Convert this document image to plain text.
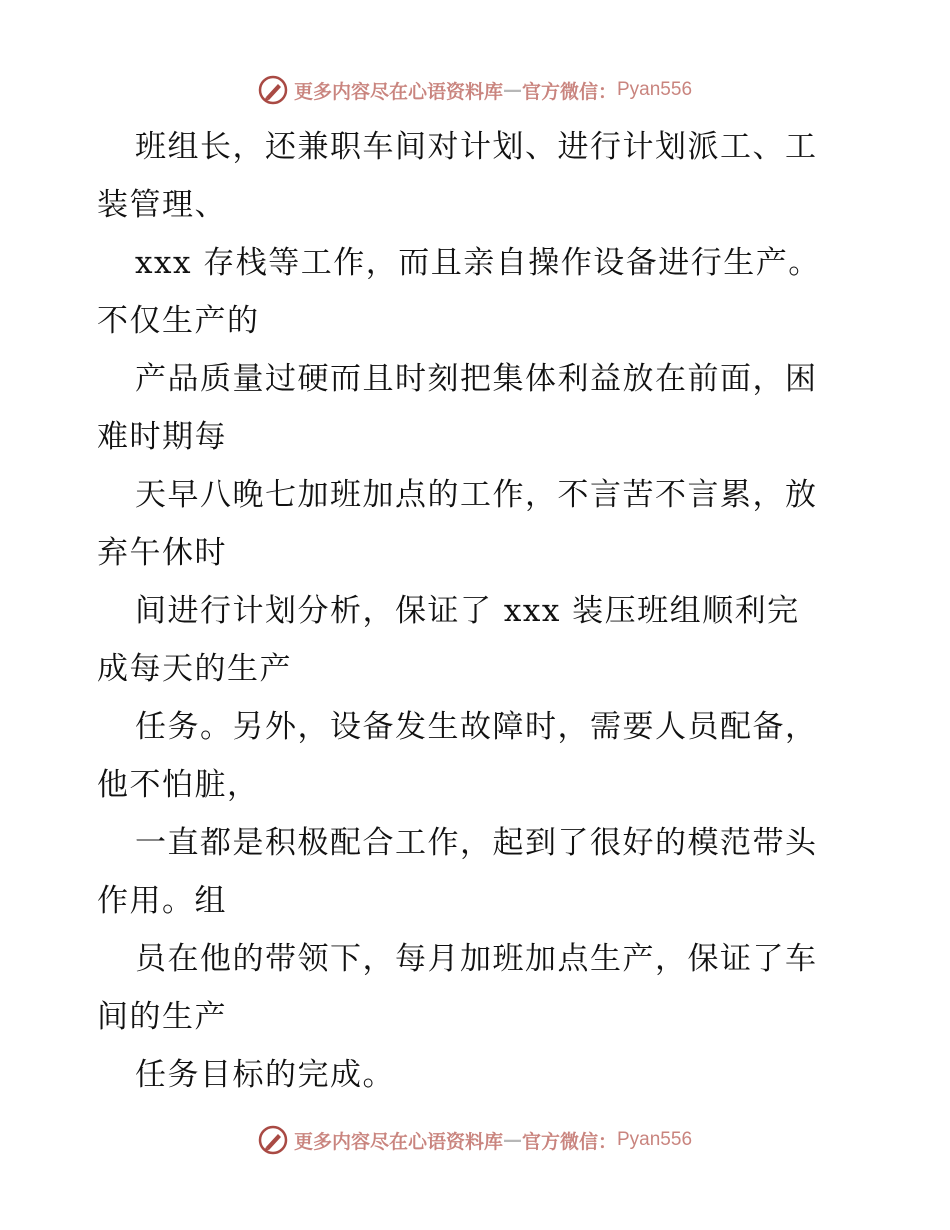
更多内容尽在心语资料库 — 官方微信： Pyan556
班组长，还兼职车间对计划、进行计划派工、工
装管理、
xxx 存栈等工作，而且亲自操作设备进行生产。
不仅生产的
产品质量过硬而且时刻把集体利益放在前面，困
难时期每
天早八晚七加班加点的工作，不言苦不言累，放
弃午休时
间进行计划分析，保证了 xxx 装压班组顺利完
成每天的生产
任务。另外，设备发生故障时，需要人员配备，
他不怕脏，
一直都是积极配合工作，起到了很好的模范带头
作用。组
员在他的带领下，每月加班加点生产，保证了车
间的生产
任务目标的完成。
更多内容尽在心语资料库 — 官方微信： Pyan556
